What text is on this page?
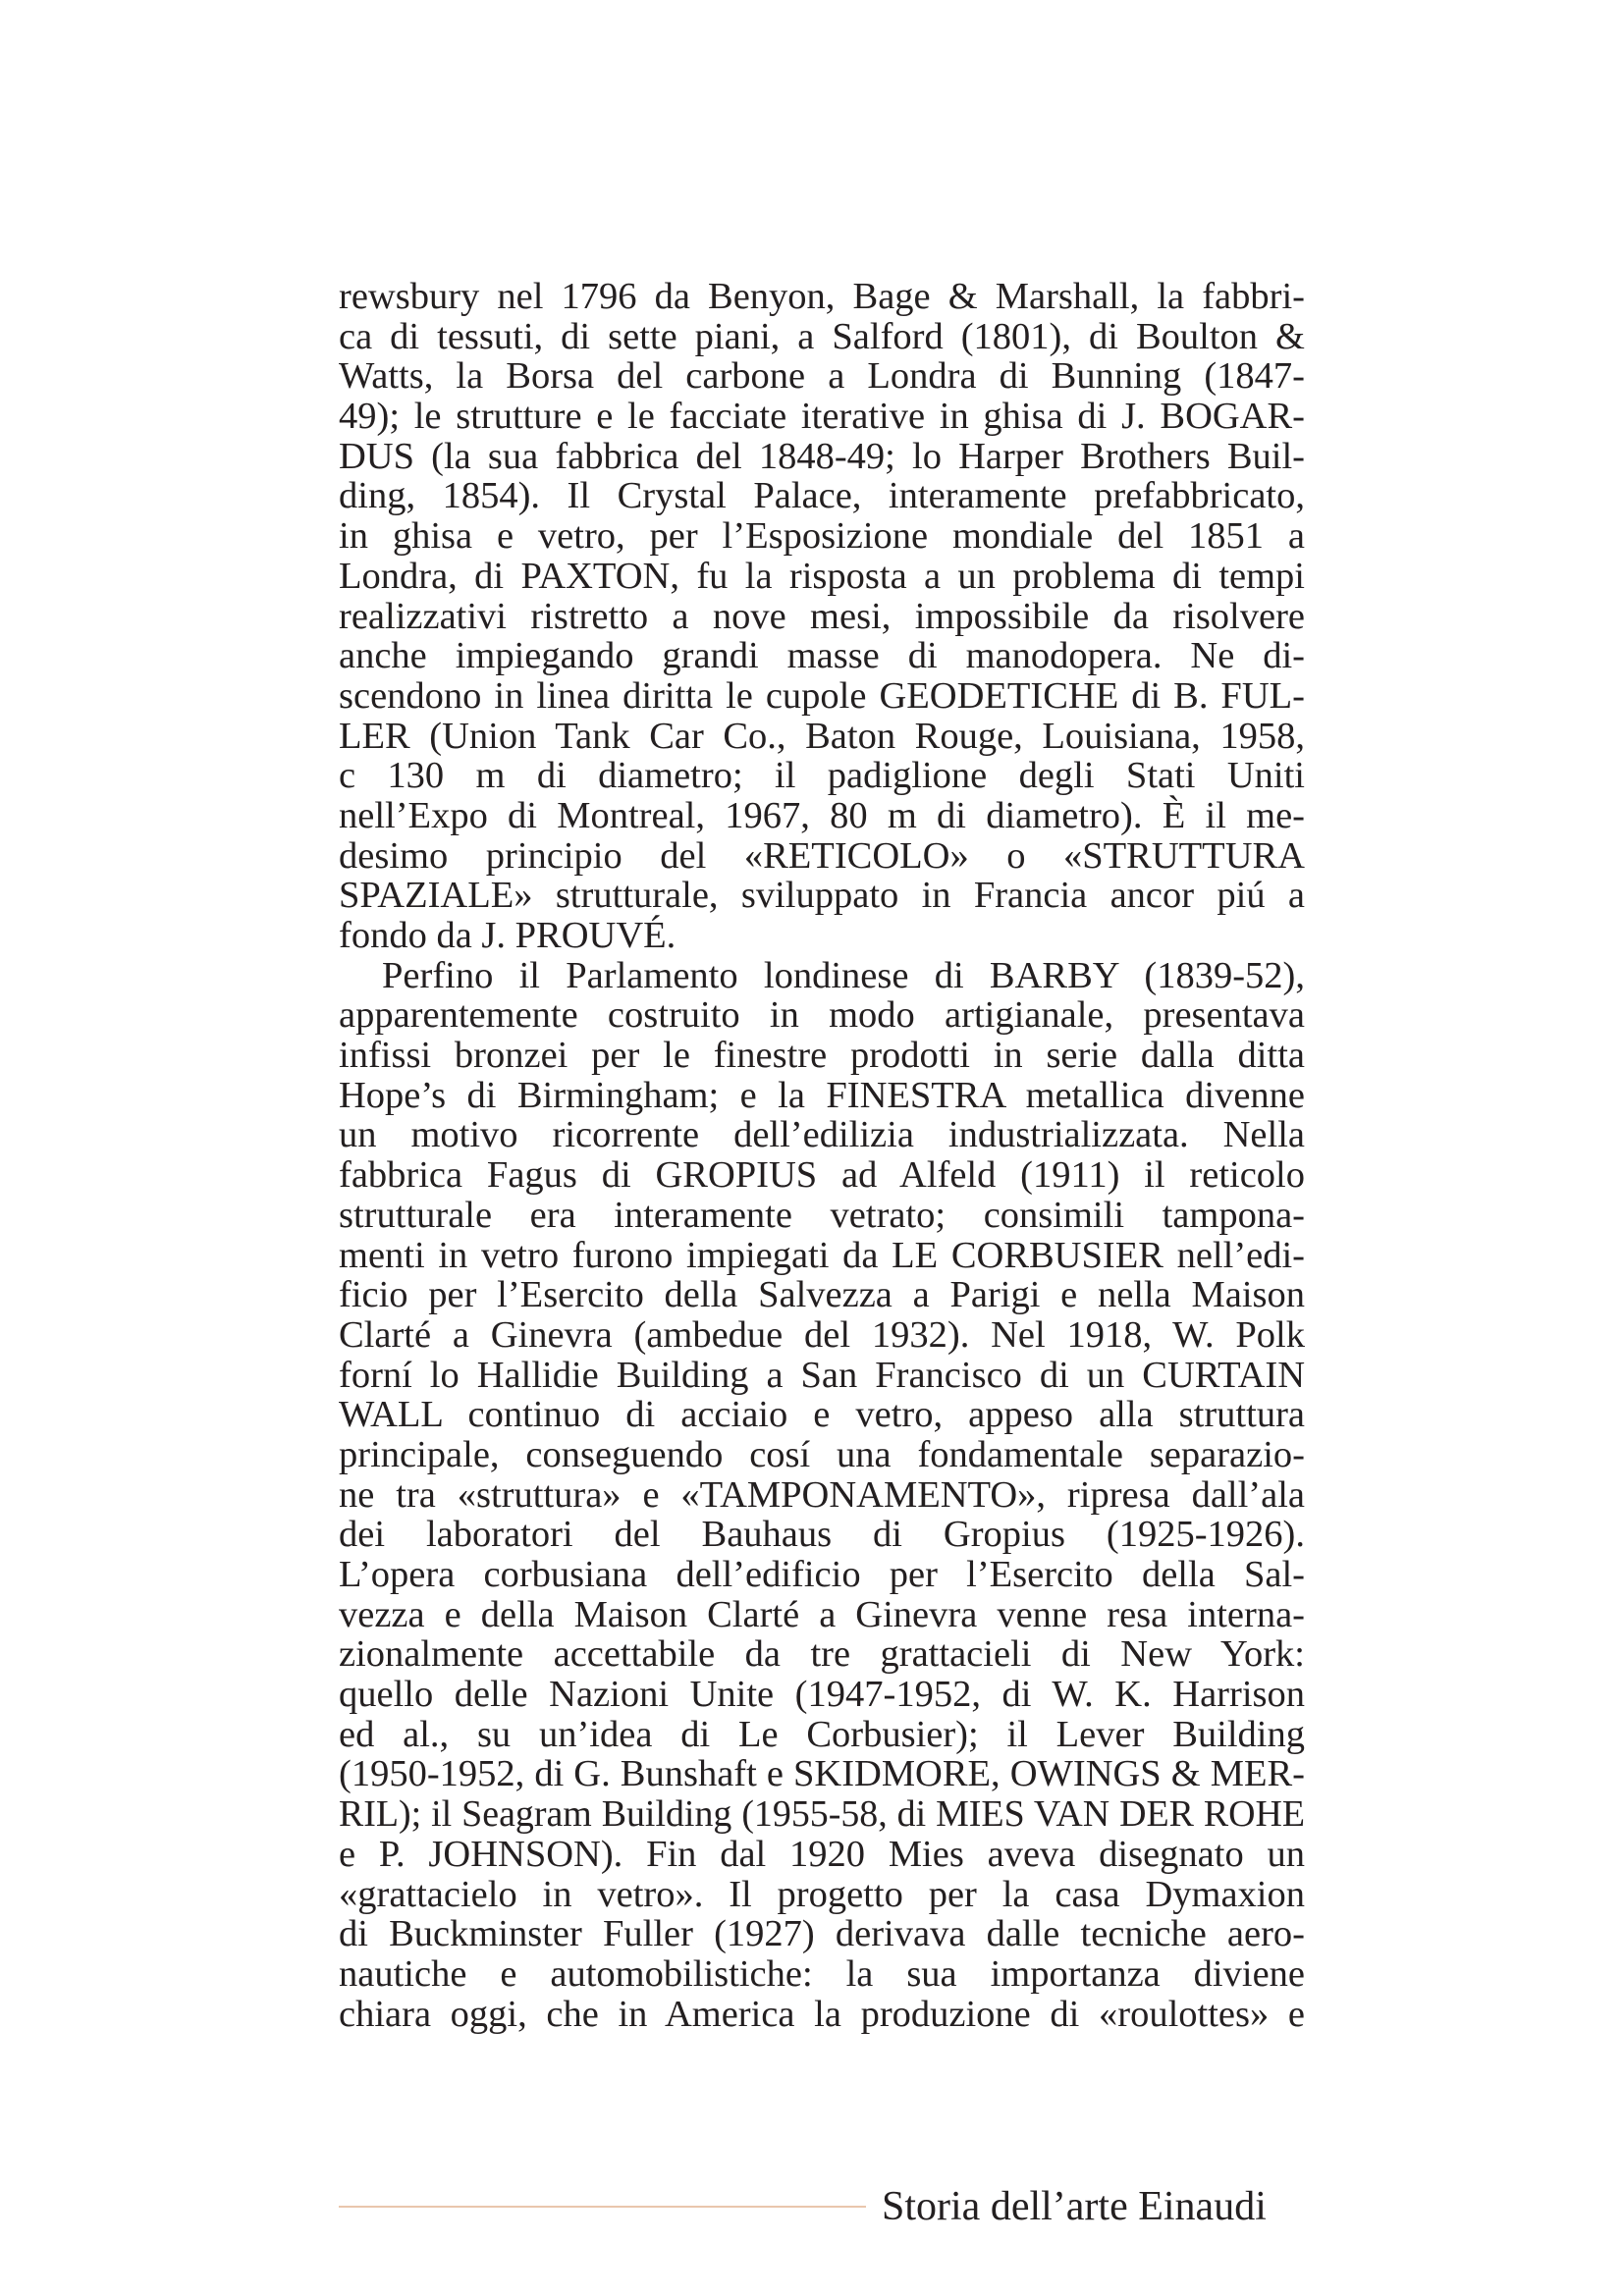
rewsbury nel 1796 da Benyon, Bage & Marshall, la fabbri-
ca di tessuti, di sette piani, a Salford (1801), di Boulton &
Watts, la Borsa del carbone a Londra di Bunning (1847-
49); le strutture e le facciate iterative in ghisa di J. BOGAR-
DUS (la sua fabbrica del 1848-49; lo Harper Brothers Buil-
ding, 1854). Il Crystal Palace, interamente prefabbricato,
in ghisa e vetro, per l’Esposizione mondiale del 1851 a
Londra, di PAXTON, fu la risposta a un problema di tempi
realizzativi ristretto a nove mesi, impossibile da risolvere
anche impiegando grandi masse di manodopera. Ne di-
scendono in linea diritta le cupole GEODETICHE di B. FUL-
LER (Union Tank Car Co., Baton Rouge, Louisiana, 1958,
c 130 m di diametro; il padiglione degli Stati Uniti
nell’Expo di Montreal, 1967, 80 m di diametro). È il me-
desimo principio del «RETICOLO» o «STRUTTURA
SPAZIALE» strutturale, sviluppato in Francia ancor piú a
fondo da J. PROUVÉ.
Perfino il Parlamento londinese di BARBY (1839-52),
apparentemente costruito in modo artigianale, presentava
infissi bronzei per le finestre prodotti in serie dalla ditta
Hope’s di Birmingham; e la FINESTRA metallica divenne
un motivo ricorrente dell’edilizia industrializzata. Nella
fabbrica Fagus di GROPIUS ad Alfeld (1911) il reticolo
strutturale era interamente vetrato; consimili tampona-
menti in vetro furono impiegati da LE CORBUSIER nell’edi-
ficio per l’Esercito della Salvezza a Parigi e nella Maison
Clarté a Ginevra (ambedue del 1932). Nel 1918, W. Polk
forní lo Hallidie Building a San Francisco di un CURTAIN
WALL continuo di acciaio e vetro, appeso alla struttura
principale, conseguendo cosí una fondamentale separazio-
ne tra «struttura» e «TAMPONAMENTO», ripresa dall’ala
dei laboratori del Bauhaus di Gropius (1925-1926).
L’opera corbusiana dell’edificio per l’Esercito della Sal-
vezza e della Maison Clarté a Ginevra venne resa interna-
zionalmente accettabile da tre grattacieli di New York:
quello delle Nazioni Unite (1947-1952, di W. K. Harrison
ed al., su un’idea di Le Corbusier); il Lever Building
(1950-1952, di G. Bunshaft e SKIDMORE, OWINGS & MER-
RIL); il Seagram Building (1955-58, di MIES VAN DER ROHE
e P. JOHNSON). Fin dal 1920 Mies aveva disegnato un
«grattacielo in vetro». Il progetto per la casa Dymaxion
di Buckminster Fuller (1927) derivava dalle tecniche aero-
nautiche e automobilistiche: la sua importanza diviene
chiara oggi, che in America la produzione di «roulottes» e
Storia dell’arte Einaudi
